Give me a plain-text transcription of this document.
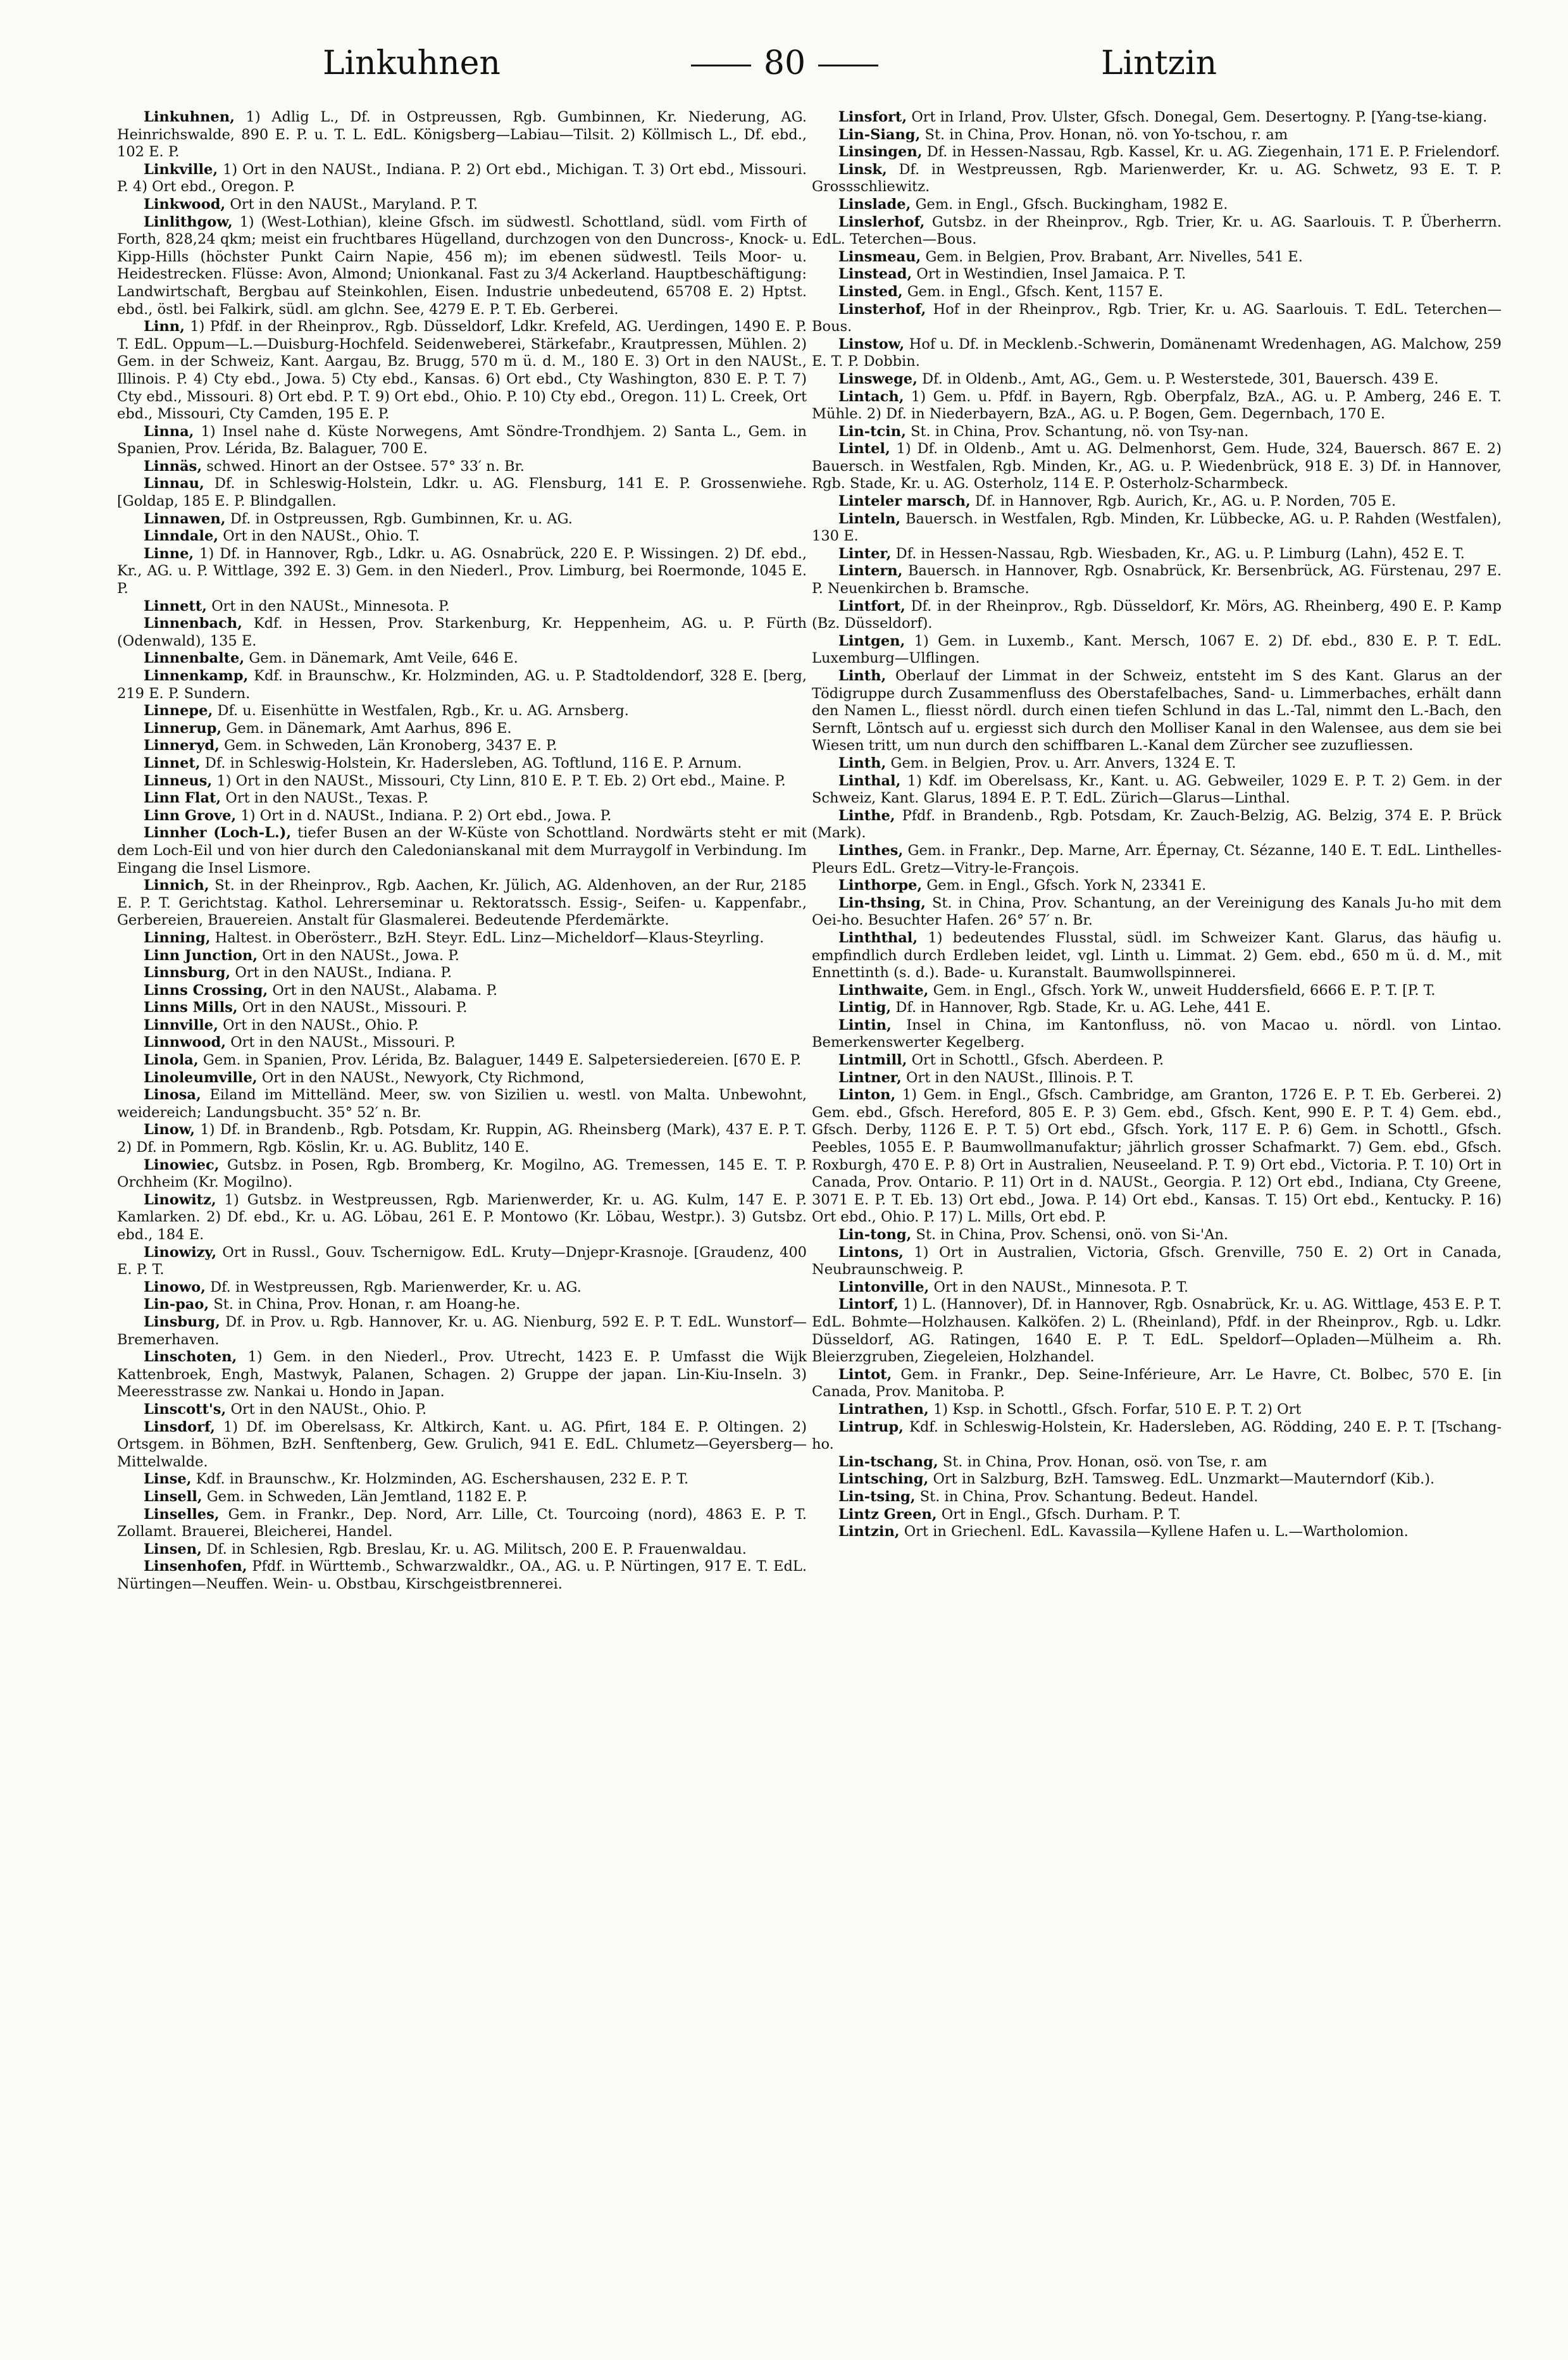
Linkuhnen	80	Lintzin

Linkuhnen, 1) Adlig L., Df. in Ostpreussen, Rgb. Gumbinnen, Kr. Niederung, AG. Heinrichswalde, 890 E. P. u. T. L. EdL. Königsberg—Labiau—Tilsit. 2) Köllmisch L., Df. ebd., 102 E. P.

Linkville, 1) Ort in den NAUSt., Indiana. P. 2) Ort ebd., Michigan. T. 3) Ort ebd., Missouri. P. 4) Ort ebd., Oregon. P.

Linkwood, Ort in den NAUSt., Maryland. P. T.

Linlithgow, 1) (West-Lothian), kleine Gfsch. im südwestl. Schottland, südl. vom Firth of Forth, 828,24 qkm; meist ein fruchtbares Hügelland, durchzogen von den Duncross-, Knock- u. Kipp-Hills (höchster Punkt Cairn Napie, 456 m); im ebenen südwestl. Teils Moor- u. Heidestrecken. Flüsse: Avon, Almond; Unionkanal. Fast zu 3/4 Ackerland. Hauptbeschäftigung: Landwirtschaft, Bergbau auf Steinkohlen, Eisen. Industrie unbedeutend, 65708 E. 2) Hptst. ebd., östl. bei Falkirk, südl. am glchn. See, 4279 E. P. T. Eb. Gerberei.

Linn, 1) Pfdf. in der Rheinprov., Rgb. Düsseldorf, Ldkr. Krefeld, AG. Uerdingen, 1490 E. P. T. EdL. Oppum—L.—Duisburg-Hochfeld. Seidenweberei, Stärkefabr., Krautpressen, Mühlen. 2) Gem. in der Schweiz, Kant. Aargau, Bz. Brugg, 570 m ü. d. M., 180 E. 3) Ort in den NAUSt., Illinois. P. 4) Cty ebd., Jowa. 5) Cty ebd., Kansas. 6) Ort ebd., Cty Washington, 830 E. P. T. 7) Cty ebd., Missouri. 8) Ort ebd. P. T. 9) Ort ebd., Ohio. P. 10) Cty ebd., Oregon. 11) L. Creek, Ort ebd., Missouri, Cty Camden, 195 E. P.

Linna, 1) Insel nahe d. Küste Norwegens, Amt Söndre-Trondhjem. 2) Santa L., Gem. in Spanien, Prov. Lérida, Bz. Balaguer, 700 E.

Linnäs, schwed. Hinort an der Ostsee. 57° 33′ n. Br.

Linnau, Df. in Schleswig-Holstein, Ldkr. u. AG. Flensburg, 141 E. P. Grossenwiehe. [Goldap, 185 E. P. Blindgallen.

Linnawen, Df. in Ostpreussen, Rgb. Gumbinnen, Kr. u. AG.

Linndale, Ort in den NAUSt., Ohio. T.

Linne, 1) Df. in Hannover, Rgb., Ldkr. u. AG. Osnabrück, 220 E. P. Wissingen. 2) Df. ebd., Kr., AG. u. P. Wittlage, 392 E. 3) Gem. in den Niederl., Prov. Limburg, bei Roermonde, 1045 E. P.

Linnett, Ort in den NAUSt., Minnesota. P.

Linnenbach, Kdf. in Hessen, Prov. Starkenburg, Kr. Heppenheim, AG. u. P. Fürth (Odenwald), 135 E.

Linnenbalte, Gem. in Dänemark, Amt Veile, 646 E.

Linnenkamp, Kdf. in Braunschw., Kr. Holzminden, AG. u. P. Stadtoldendorf, 328 E. [berg, 219 E. P. Sundern.

Linnepe, Df. u. Eisenhütte in Westfalen, Rgb., Kr. u. AG. Arnsberg.

Linnerup, Gem. in Dänemark, Amt Aarhus, 896 E.

Linneryd, Gem. in Schweden, Län Kronoberg, 3437 E. P.

Linnet, Df. in Schleswig-Holstein, Kr. Hadersleben, AG. Toftlund, 116 E. P. Arnum.

Linneus, 1) Ort in den NAUSt., Missouri, Cty Linn, 810 E. P. T. Eb. 2) Ort ebd., Maine. P.

Linn Flat, Ort in den NAUSt., Texas. P.

Linn Grove, 1) Ort in d. NAUSt., Indiana. P. 2) Ort ebd., Jowa. P.

Linnher (Loch-L.), tiefer Busen an der W-Küste von Schottland. Nordwärts steht er mit dem Loch-Eil und von hier durch den Caledonianskanal mit dem Murraygolf in Verbindung. Im Eingang die Insel Lismore.

Linnich, St. in der Rheinprov., Rgb. Aachen, Kr. Jülich, AG. Aldenhoven, an der Rur, 2185 E. P. T. Gerichtstag. Kathol. Lehrerseminar u. Rektoratssch. Essig-, Seifen- u. Kappenfabr., Gerbereien, Brauereien. Anstalt für Glasmalerei. Bedeutende Pferdemärkte.

Linning, Haltest. in Oberösterr., BzH. Steyr. EdL. Linz—Micheldorf—Klaus-Steyrling.

Linn Junction, Ort in den NAUSt., Jowa. P.

Linnsburg, Ort in den NAUSt., Indiana. P.

Linns Crossing, Ort in den NAUSt., Alabama. P.

Linns Mills, Ort in den NAUSt., Missouri. P.

Linnville, Ort in den NAUSt., Ohio. P.

Linnwood, Ort in den NAUSt., Missouri. P.

Linola, Gem. in Spanien, Prov. Lérida, Bz. Balaguer, 1449 E. Salpetersiedereien. [670 E. P.

Linoleumville, Ort in den NAUSt., Newyork, Cty Richmond,

Linosa, Eiland im Mittelländ. Meer, sw. von Sizilien u. westl. von Malta. Unbewohnt, weidereich; Landungsbucht. 35° 52′ n. Br.

Linow, 1) Df. in Brandenb., Rgb. Potsdam, Kr. Ruppin, AG. Rheinsberg (Mark), 437 E. P. T. 2) Df. in Pommern, Rgb. Köslin, Kr. u. AG. Bublitz, 140 E.

Linowiec, Gutsbz. in Posen, Rgb. Bromberg, Kr. Mogilno, AG. Tremessen, 145 E. T. P. Orchheim (Kr. Mogilno).

Linowitz, 1) Gutsbz. in Westpreussen, Rgb. Marienwerder, Kr. u. AG. Kulm, 147 E. P. Kamlarken. 2) Df. ebd., Kr. u. AG. Löbau, 261 E. P. Montowo (Kr. Löbau, Westpr.). 3) Gutsbz. ebd., 184 E.

Linowizy, Ort in Russl., Gouv. Tschernigow. EdL. Kruty—Dnjepr-Krasnoje. [Graudenz, 400 E. P. T.

Linowo, Df. in Westpreussen, Rgb. Marienwerder, Kr. u. AG.

Lin-pao, St. in China, Prov. Honan, r. am Hoang-he.

Linsburg, Df. in Prov. u. Rgb. Hannover, Kr. u. AG. Nienburg, 592 E. P. T. EdL. Wunstorf—Bremerhaven.

Linschoten, 1) Gem. in den Niederl., Prov. Utrecht, 1423 E. P. Umfasst die Wijk Kattenbroek, Engh, Mastwyk, Palanen, Schagen. 2) Gruppe der japan. Lin-Kiu-Inseln. 3) Meeresstrasse zw. Nankai u. Hondo in Japan.

Linscott's, Ort in den NAUSt., Ohio. P.

Linsdorf, 1) Df. im Oberelsass, Kr. Altkirch, Kant. u. AG. Pfirt, 184 E. P. Oltingen. 2) Ortsgem. in Böhmen, BzH. Senftenberg, Gew. Grulich, 941 E. EdL. Chlumetz—Geyersberg—Mittelwalde.

Linse, Kdf. in Braunschw., Kr. Holzminden, AG. Eschershausen, 232 E. P. T.

Linsell, Gem. in Schweden, Län Jemtland, 1182 E. P.

Linselles, Gem. in Frankr., Dep. Nord, Arr. Lille, Ct. Tourcoing (nord), 4863 E. P. T. Zollamt. Brauerei, Bleicherei, Handel.

Linsen, Df. in Schlesien, Rgb. Breslau, Kr. u. AG. Militsch, 200 E. P. Frauenwaldau.

Linsenhofen, Pfdf. in Württemb., Schwarzwaldkr., OA., AG. u. P. Nürtingen, 917 E. T. EdL. Nürtingen—Neuffen. Wein- u. Obstbau, Kirschgeistbrennerei.

Linsfort, Ort in Irland, Prov. Ulster, Gfsch. Donegal, Gem. Desertogny. P. [Yang-tse-kiang.

Lin-Siang, St. in China, Prov. Honan, nö. von Yo-tschou, r. am

Linsingen, Df. in Hessen-Nassau, Rgb. Kassel, Kr. u. AG. Ziegenhain, 171 E. P. Frielendorf.

Linsk, Df. in Westpreussen, Rgb. Marienwerder, Kr. u. AG. Schwetz, 93 E. T. P. Grossschliewitz.

Linslade, Gem. in Engl., Gfsch. Buckingham, 1982 E.

Linslerhof, Gutsbz. in der Rheinprov., Rgb. Trier, Kr. u. AG. Saarlouis. T. P. Überherrn. EdL. Teterchen—Bous.

Linsmeau, Gem. in Belgien, Prov. Brabant, Arr. Nivelles, 541 E.

Linstead, Ort in Westindien, Insel Jamaica. P. T.

Linsted, Gem. in Engl., Gfsch. Kent, 1157 E.

Linsterhof, Hof in der Rheinprov., Rgb. Trier, Kr. u. AG. Saarlouis. T. EdL. Teterchen—Bous.

Linstow, Hof u. Df. in Mecklenb.-Schwerin, Domänenamt Wredenhagen, AG. Malchow, 259 E. T. P. Dobbin.

Linswege, Df. in Oldenb., Amt, AG., Gem. u. P. Westerstede, 301, Bauersch. 439 E.

Lintach, 1) Gem. u. Pfdf. in Bayern, Rgb. Oberpfalz, BzA., AG. u. P. Amberg, 246 E. T. Mühle. 2) Df. in Niederbayern, BzA., AG. u. P. Bogen, Gem. Degernbach, 170 E.

Lin-tcin, St. in China, Prov. Schantung, nö. von Tsy-nan.

Lintel, 1) Df. in Oldenb., Amt u. AG. Delmenhorst, Gem. Hude, 324, Bauersch. 867 E. 2) Bauersch. in Westfalen, Rgb. Minden, Kr., AG. u. P. Wiedenbrück, 918 E. 3) Df. in Hannover, Rgb. Stade, Kr. u. AG. Osterholz, 114 E. P. Osterholz-Scharmbeck.

Linteler marsch, Df. in Hannover, Rgb. Aurich, Kr., AG. u. P. Norden, 705 E.

Linteln, Bauersch. in Westfalen, Rgb. Minden, Kr. Lübbecke, AG. u. P. Rahden (Westfalen), 130 E.

Linter, Df. in Hessen-Nassau, Rgb. Wiesbaden, Kr., AG. u. P. Limburg (Lahn), 452 E. T.

Lintern, Bauersch. in Hannover, Rgb. Osnabrück, Kr. Bersenbrück, AG. Fürstenau, 297 E. P. Neuenkirchen b. Bramsche.

Lintfort, Df. in der Rheinprov., Rgb. Düsseldorf, Kr. Mörs, AG. Rheinberg, 490 E. P. Kamp (Bz. Düsseldorf).

Lintgen, 1) Gem. in Luxemb., Kant. Mersch, 1067 E. 2) Df. ebd., 830 E. P. T. EdL. Luxemburg—Ulflingen.

Linth, Oberlauf der Limmat in der Schweiz, entsteht im S des Kant. Glarus an der Tödigruppe durch Zusammenfluss des Oberstafelbaches, Sand- u. Limmerbaches, erhält dann den Namen L., fliesst nördl. durch einen tiefen Schlund in das L.-Tal, nimmt den L.-Bach, den Sernft, Löntsch auf u. ergiesst sich durch den Molliser Kanal in den Walensee, aus dem sie bei Wiesen tritt, um nun durch den schiffbaren L.-Kanal dem Zürcher see zuzufliessen.

Linth, Gem. in Belgien, Prov. u. Arr. Anvers, 1324 E. T.

Linthal, 1) Kdf. im Oberelsass, Kr., Kant. u. AG. Gebweiler, 1029 E. P. T. 2) Gem. in der Schweiz, Kant. Glarus, 1894 E. P. T. EdL. Zürich—Glarus—Linthal.

Linthe, Pfdf. in Brandenb., Rgb. Potsdam, Kr. Zauch-Belzig, AG. Belzig, 374 E. P. Brück (Mark).

Linthes, Gem. in Frankr., Dep. Marne, Arr. Épernay, Ct. Sézanne, 140 E. T. EdL. Linthelles-Pleurs EdL. Gretz—Vitry-le-François.

Linthorpe, Gem. in Engl., Gfsch. York N, 23341 E.

Lin-thsing, St. in China, Prov. Schantung, an der Vereinigung des Kanals Ju-ho mit dem Oei-ho. Besuchter Hafen. 26° 57′ n. Br.

Linththal, 1) bedeutendes Flusstal, südl. im Schweizer Kant. Glarus, das häufig u. empfindlich durch Erdleben leidet, vgl. Linth u. Limmat. 2) Gem. ebd., 650 m ü. d. M., mit Ennettinth (s. d.). Bade- u. Kuranstalt. Baumwollspinnerei.

Linthwaite, Gem. in Engl., Gfsch. York W., unweit Huddersfield, 6666 E. P. T. [P. T.

Lintig, Df. in Hannover, Rgb. Stade, Kr. u. AG. Lehe, 441 E.

Lintin, Insel in China, im Kantonfluss, nö. von Macao u. nördl. von Lintao. Bemerkenswerter Kegelberg.

Lintmill, Ort in Schottl., Gfsch. Aberdeen. P.

Lintner, Ort in den NAUSt., Illinois. P. T.

Linton, 1) Gem. in Engl., Gfsch. Cambridge, am Granton, 1726 E. P. T. Eb. Gerberei. 2) Gem. ebd., Gfsch. Hereford, 805 E. P. 3) Gem. ebd., Gfsch. Kent, 990 E. P. T. 4) Gem. ebd., Gfsch. Derby, 1126 E. P. T. 5) Ort ebd., Gfsch. York, 117 E. P. 6) Gem. in Schottl., Gfsch. Peebles, 1055 E. P. Baumwollmanufaktur; jährlich grosser Schafmarkt. 7) Gem. ebd., Gfsch. Roxburgh, 470 E. P. 8) Ort in Australien, Neuseeland. P. T. 9) Ort ebd., Victoria. P. T. 10) Ort in Canada, Prov. Ontario. P. 11) Ort in d. NAUSt., Georgia. P. 12) Ort ebd., Indiana, Cty Greene, 3071 E. P. T. Eb. 13) Ort ebd., Jowa. P. 14) Ort ebd., Kansas. T. 15) Ort ebd., Kentucky. P. 16) Ort ebd., Ohio. P. 17) L. Mills, Ort ebd. P.

Lin-tong, St. in China, Prov. Schensi, onö. von Si-'An.

Lintons, 1) Ort in Australien, Victoria, Gfsch. Grenville, 750 E. 2) Ort in Canada, Neubraunschweig. P.

Lintonville, Ort in den NAUSt., Minnesota. P. T.

Lintorf, 1) L. (Hannover), Df. in Hannover, Rgb. Osnabrück, Kr. u. AG. Wittlage, 453 E. P. T. EdL. Bohmte—Holzhausen. Kalköfen. 2) L. (Rheinland), Pfdf. in der Rheinprov., Rgb. u. Ldkr. Düsseldorf, AG. Ratingen, 1640 E. P. T. EdL. Speldorf—Opladen—Mülheim a. Rh. Bleierzgruben, Ziegeleien, Holzhandel.

Lintot, Gem. in Frankr., Dep. Seine-Inférieure, Arr. Le Havre, Ct. Bolbec, 570 E. [in Canada, Prov. Manitoba. P.

Lintrathen, 1) Ksp. in Schottl., Gfsch. Forfar, 510 E. P. T. 2) Ort

Lintrup, Kdf. in Schleswig-Holstein, Kr. Hadersleben, AG. Rödding, 240 E. P. T. [Tschang-ho.

Lin-tschang, St. in China, Prov. Honan, osö. von Tse, r. am

Lintsching, Ort in Salzburg, BzH. Tamsweg. EdL. Unzmarkt—Mauterndorf (Kib.).

Lin-tsing, St. in China, Prov. Schantung. Bedeut. Handel.

Lintz Green, Ort in Engl., Gfsch. Durham. P. T.

Lintzin, Ort in Griechenl. EdL. Kavassila—Kyllene Hafen u. L.—Wartholomion.
